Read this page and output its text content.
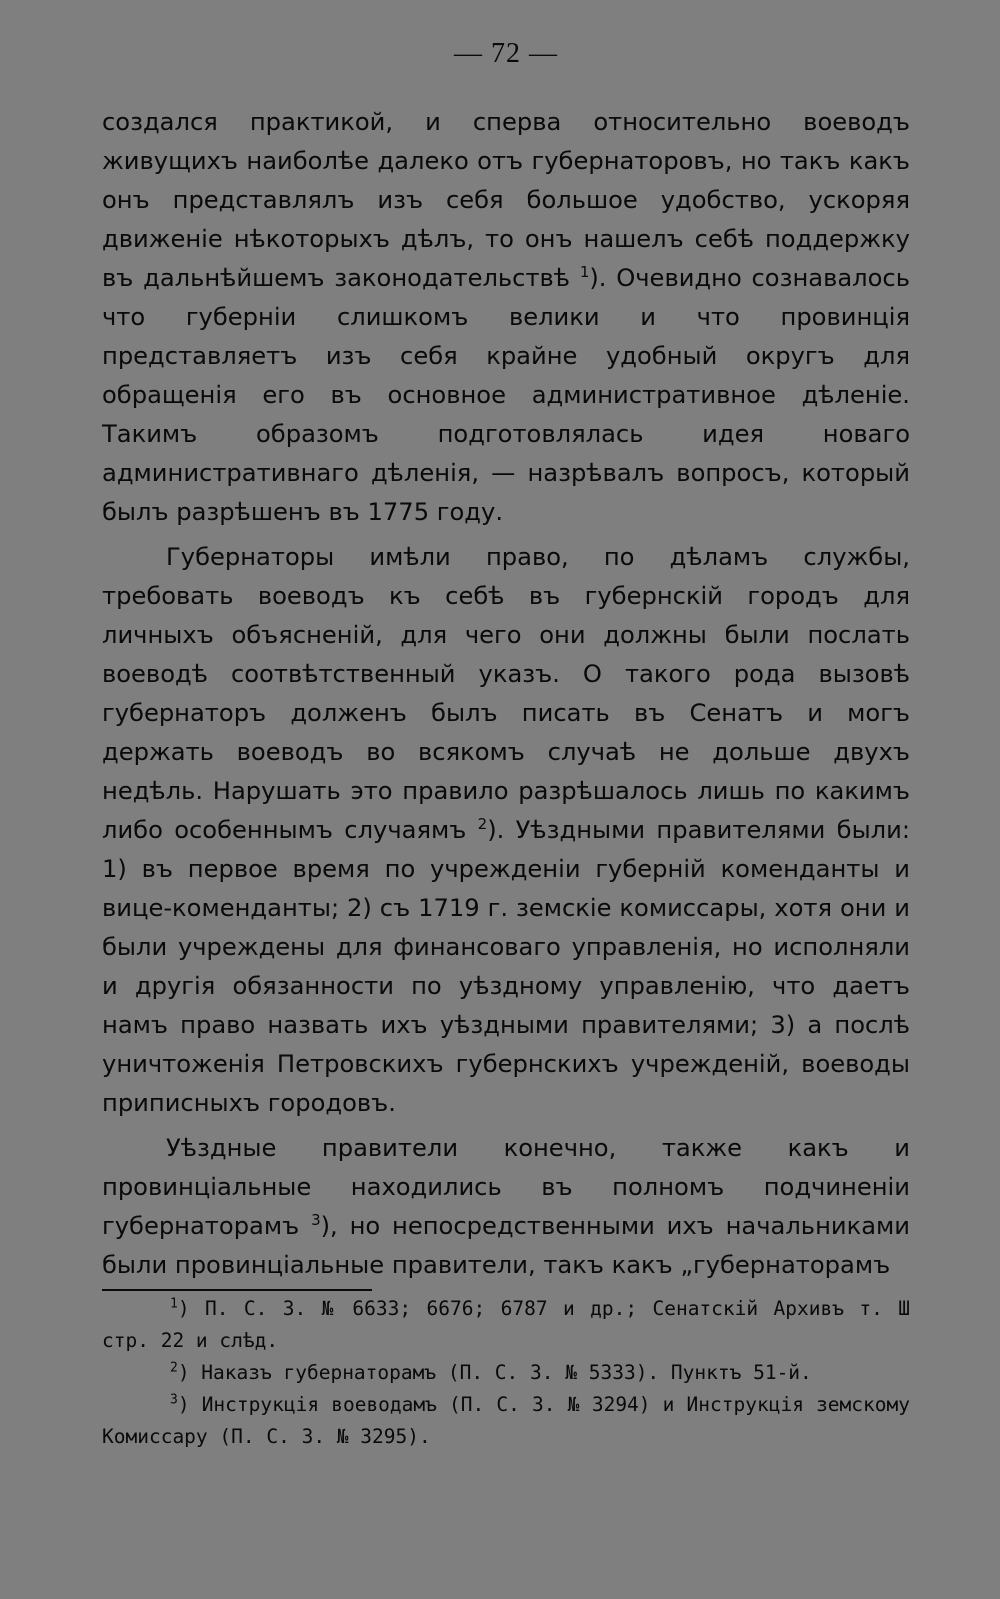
— 72 —

создался практикой, и сперва относительно воеводъ живущихъ наиболѣе далеко отъ губернаторовъ, но такъ какъ онъ представлялъ изъ себя большое удобство, ускоряя движеніе нѣкоторыхъ дѣлъ, то онъ нашелъ себѣ поддержку въ дальнѣйшемъ законодательствѣ $^1$). Очевидно сознавалось что губерніи слишкомъ велики и что провинція представляетъ изъ себя крайне удобный округъ для обращенія его въ основное административное дѣленіе. Такимъ образомъ подготовлялась идея новаго административнаго дѣленія, — назрѣвалъ вопросъ, который былъ разрѣшенъ въ 1775 году.

Губернаторы имѣли право, по дѣламъ службы, требовать воеводъ къ себѣ въ губернскій городъ для личныхъ объясненій, для чего они должны были послать воеводѣ соотвѣтственный указъ. О такого рода вызовѣ губернаторъ долженъ былъ писать въ Сенатъ и могъ держать воеводъ во всякомъ случаѣ не дольше двухъ недѣль. Нарушать это правило разрѣшалось лишь по какимъ либо особеннымъ случаямъ $^2$). Уѣздными правителями были: 1) въ первое время по учрежденіи губерній коменданты и вице-коменданты; 2) съ 1719 г. земскіе комиссары, хотя они и были учреждены для финансоваго управленія, но исполняли и другія обязанности по уѣздному управленію, что даетъ намъ право назвать ихъ уѣздными правителями; 3) а послѣ уничтоженія Петровскихъ губернскихъ учрежденій, воеводы приписныхъ городовъ.

Уѣздные правители конечно, также какъ и провинціальные находились въ полномъ подчиненіи губернаторамъ $^3$), но непосредственными ихъ начальниками были провинціальные правители, такъ какъ „губернаторамъ

$^1$) П. С. З. № 6633; 6676; 6787 и др.; Сенатскій Архивъ т. Ш стр. 22 и слѣд.

$^2$) Наказъ губернаторамъ (П. С. З. № 5333). Пунктъ 51-й.

$^3$) Инструкція воеводамъ (П. С. З. № 3294) и Инструкція земскому Комиссару (П. С. З. № 3295).
